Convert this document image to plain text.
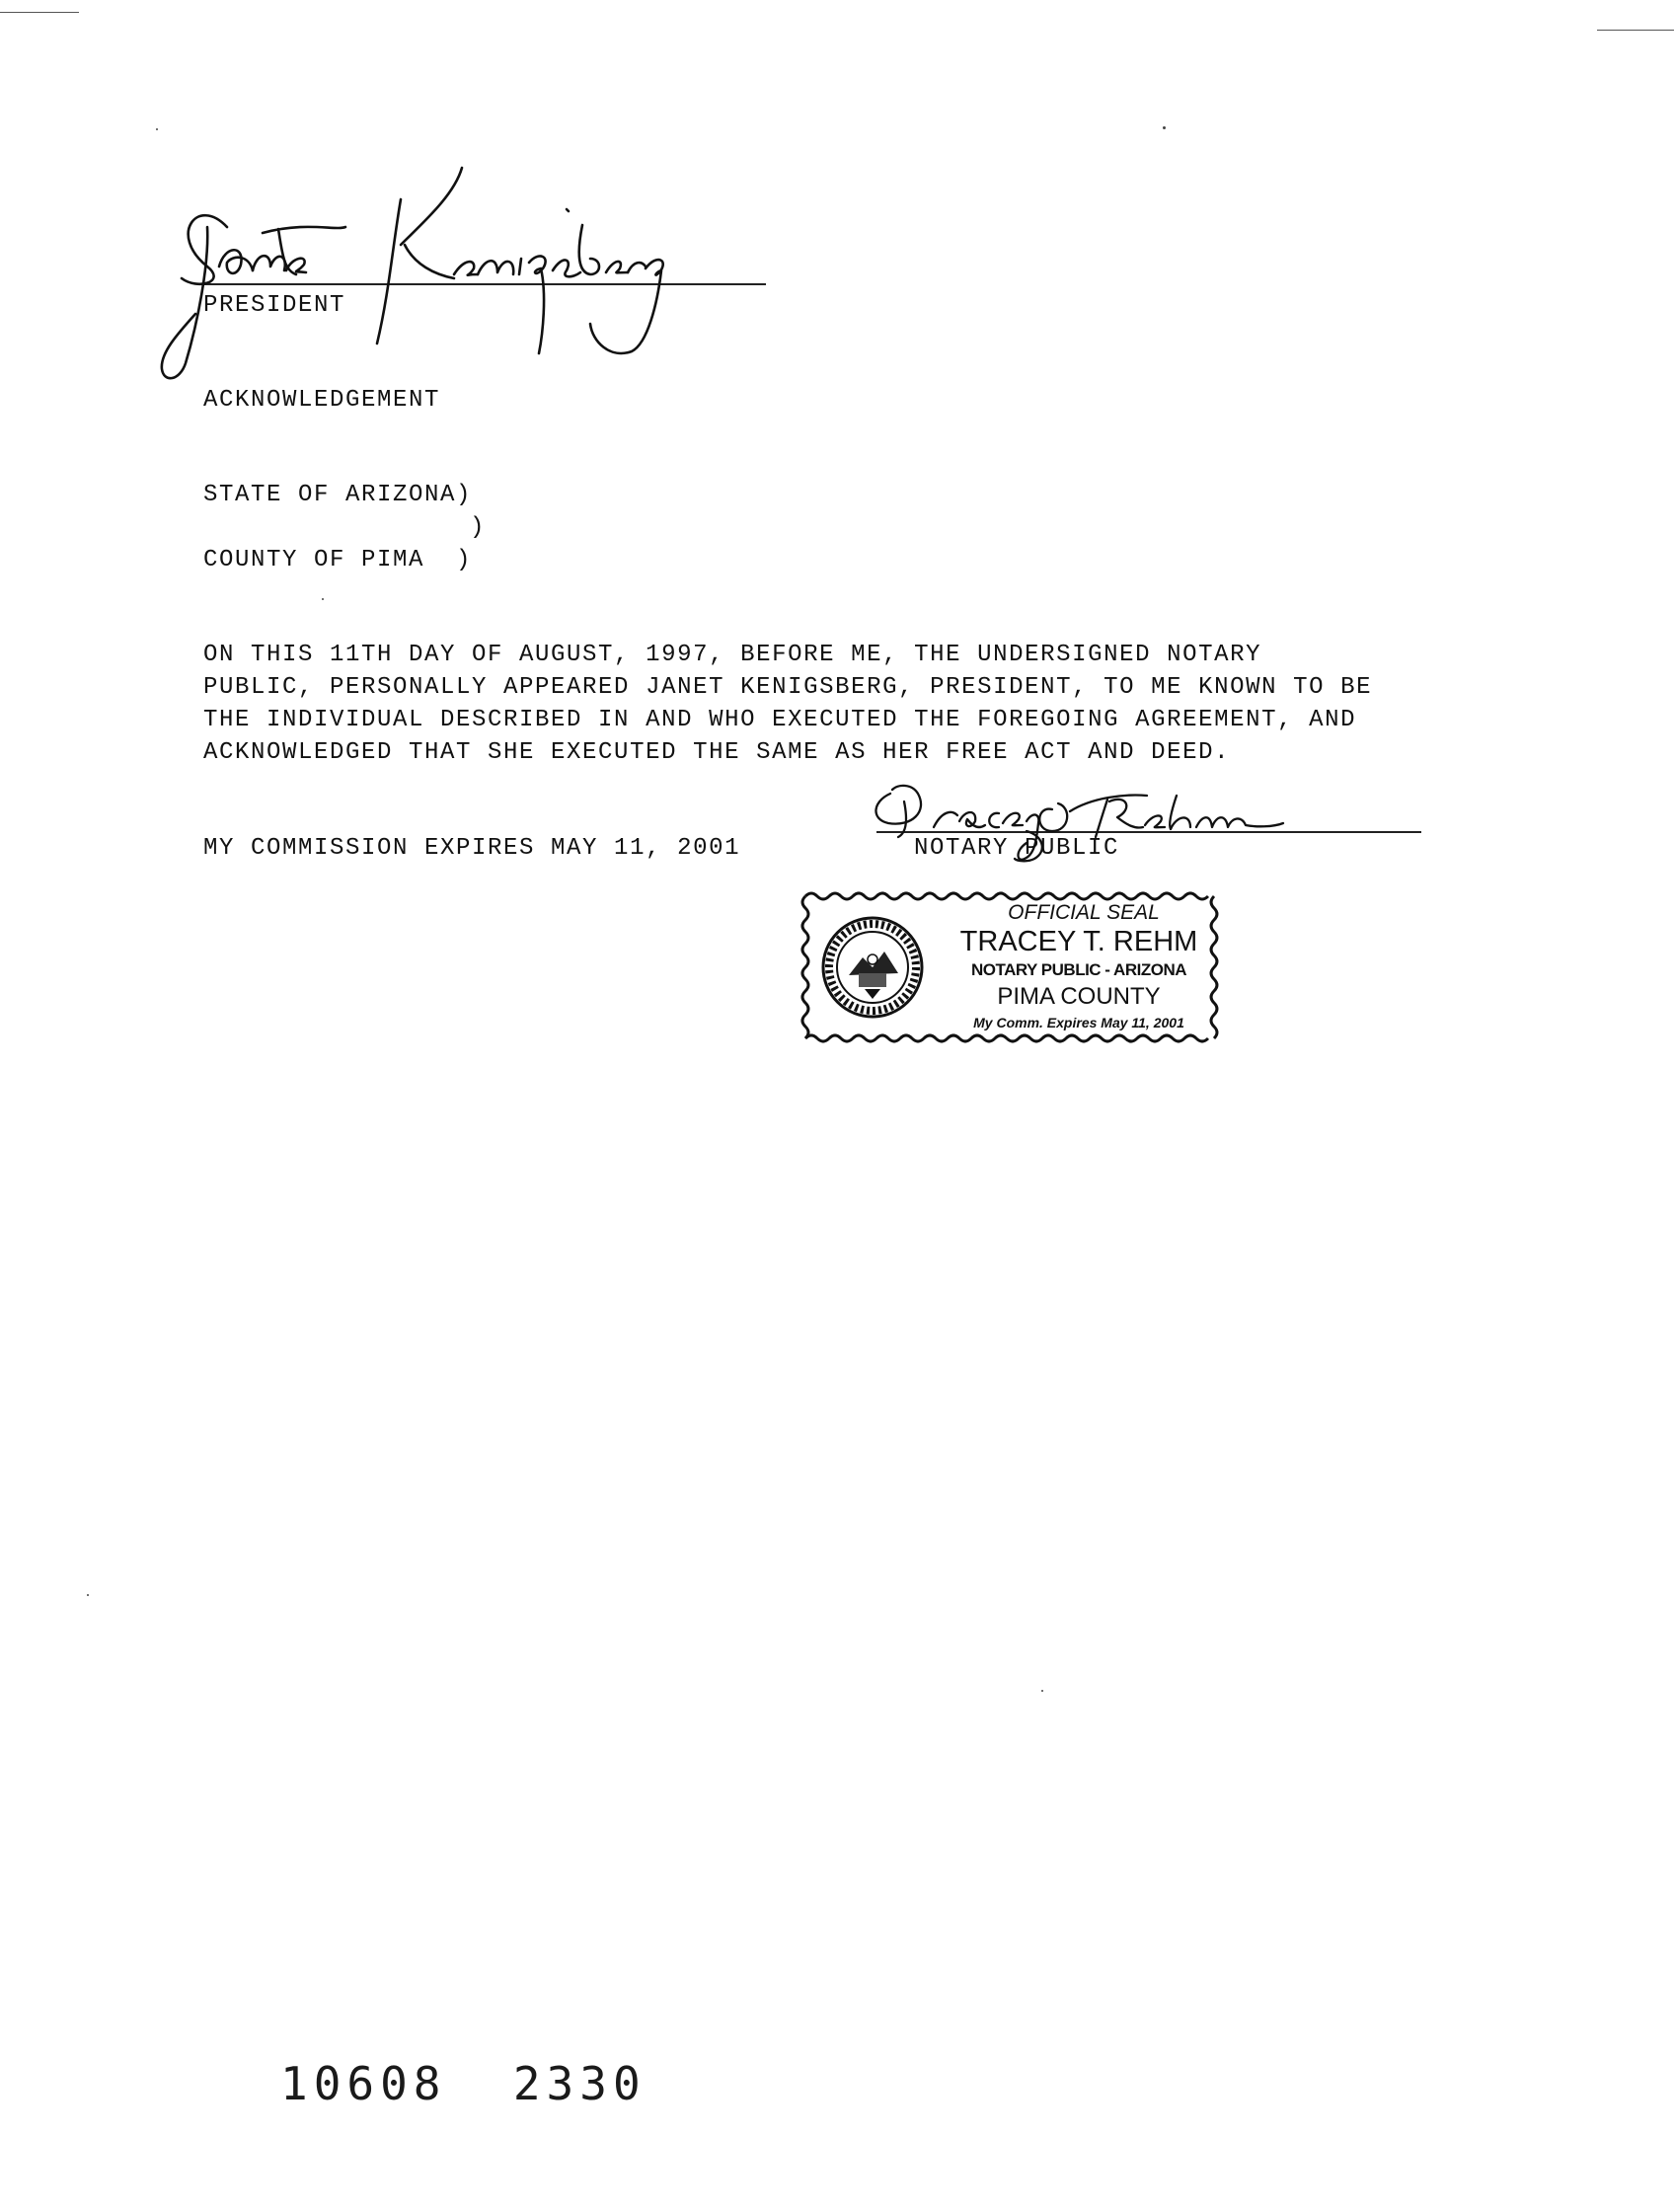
PRESIDENT
ACKNOWLEDGEMENT
STATE OF ARIZONA)
)
COUNTY OF PIMA  )
ON THIS 11TH DAY OF AUGUST, 1997, BEFORE ME, THE UNDERSIGNED NOTARY
PUBLIC, PERSONALLY APPEARED JANET KENIGSBERG, PRESIDENT, TO ME KNOWN TO BE
THE INDIVIDUAL DESCRIBED IN AND WHO EXECUTED THE FOREGOING AGREEMENT, AND
ACKNOWLEDGED THAT SHE EXECUTED THE SAME AS HER FREE ACT AND DEED.
MY COMMISSION EXPIRES MAY 11, 2001	NOTARY PUBLIC
OFFICIAL SEAL
TRACEY T. REHM
NOTARY PUBLIC - ARIZONA
PIMA COUNTY
My Comm. Expires May 11, 2001
10608  2330
